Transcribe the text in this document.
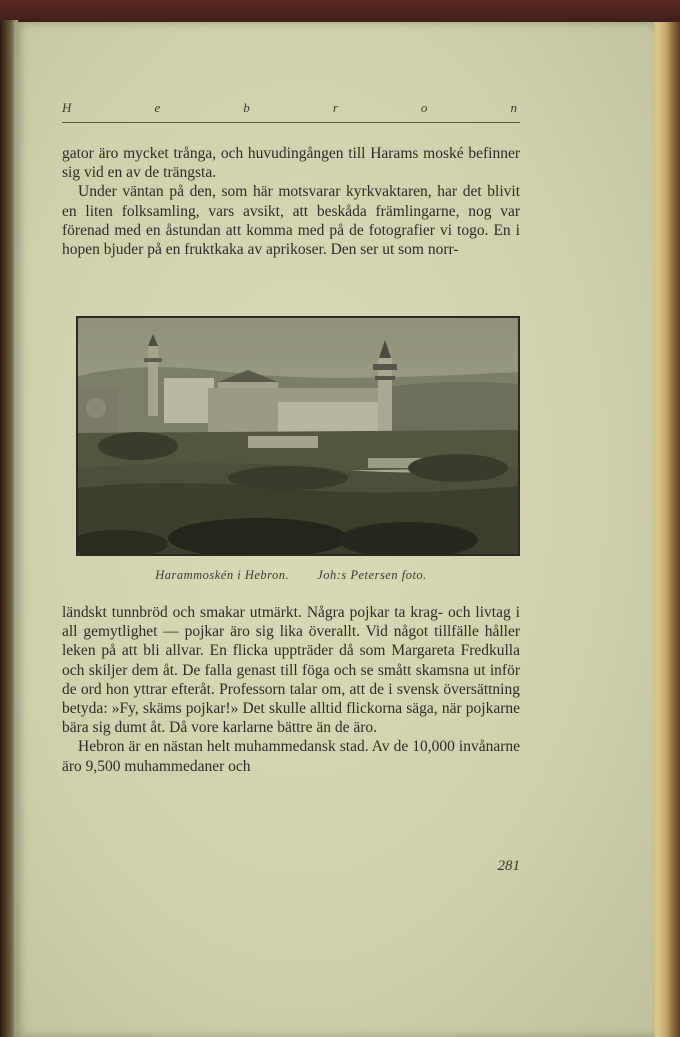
H	e	b	r	o	n

gator äro mycket trånga, och huvudingången till Harams moské befinner sig vid en av de trängsta.

Under väntan på den, som här motsvarar kyrkvaktaren, har det blivit en liten folksamling, vars avsikt, att beskåda främlingarne, nog var förenad med en åstundan att komma med på de fotografier vi togo. En i hopen bjuder på en fruktkaka av aprikoser. Den ser ut som norr-

Harammoskén i Hebron. Joh:s Petersen foto.

ländskt tunnbröd och smakar utmärkt. Några pojkar ta krag- och livtag i all gemytlighet — pojkar äro sig lika överallt. Vid något tillfälle håller leken på att bli allvar. En flicka uppträder då som Margareta Fredkulla och skiljer dem åt. De falla genast till föga och se smått skamsna ut inför de ord hon yttrar efteråt. Professorn talar om, att de i svensk översättning betyda: »Fy, skäms pojkar!» Det skulle alltid flickorna säga, när pojkarne bära sig dumt åt. Då vore karlarne bättre än de äro.

Hebron är en nästan helt muhammedansk stad. Av de 10,000 invånarne äro 9,500 muhammedaner och

281
